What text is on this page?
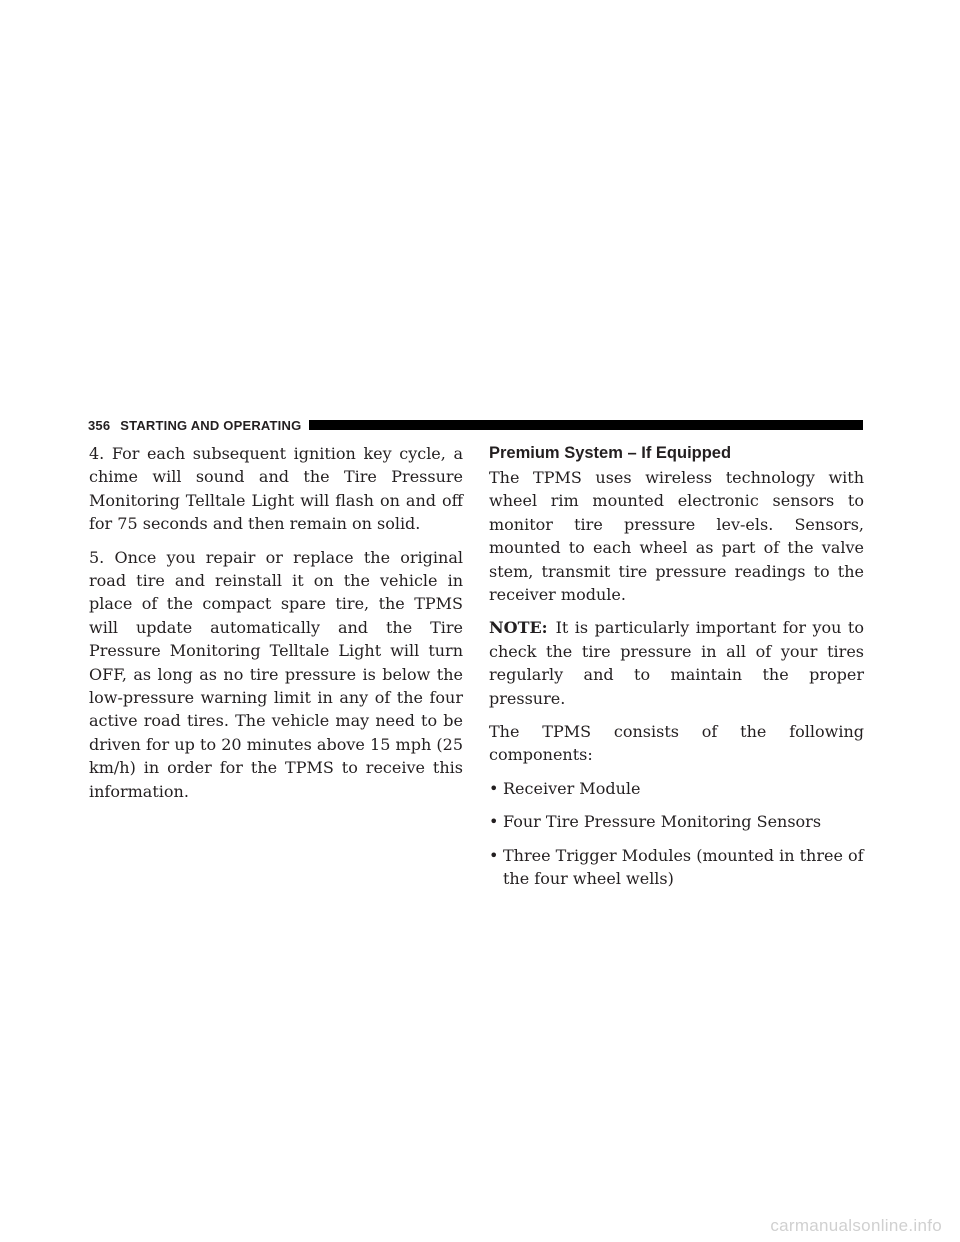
356 STARTING AND OPERATING

4. For each subsequent ignition key cycle, a chime will sound and the Tire Pressure Monitoring Telltale Light will flash on and off for 75 seconds and then remain on solid.

5. Once you repair or replace the original road tire and reinstall it on the vehicle in place of the compact spare tire, the TPMS will update automatically and the Tire Pressure Monitoring Telltale Light will turn OFF, as long as no tire pressure is below the low-pressure warning limit in any of the four active road tires. The vehicle may need to be driven for up to 20 minutes above 15 mph (25 km/h) in order for the TPMS to receive this information.

Premium System – If Equipped

The TPMS uses wireless technology with wheel rim mounted electronic sensors to monitor tire pressure lev-els. Sensors, mounted to each wheel as part of the valve stem, transmit tire pressure readings to the receiver module.

NOTE: It is particularly important for you to check the tire pressure in all of your tires regularly and to maintain the proper pressure.

The TPMS consists of the following components:

• Receiver Module
• Four Tire Pressure Monitoring Sensors
• Three Trigger Modules (mounted in three of the four wheel wells)
carmanualsonline.info
